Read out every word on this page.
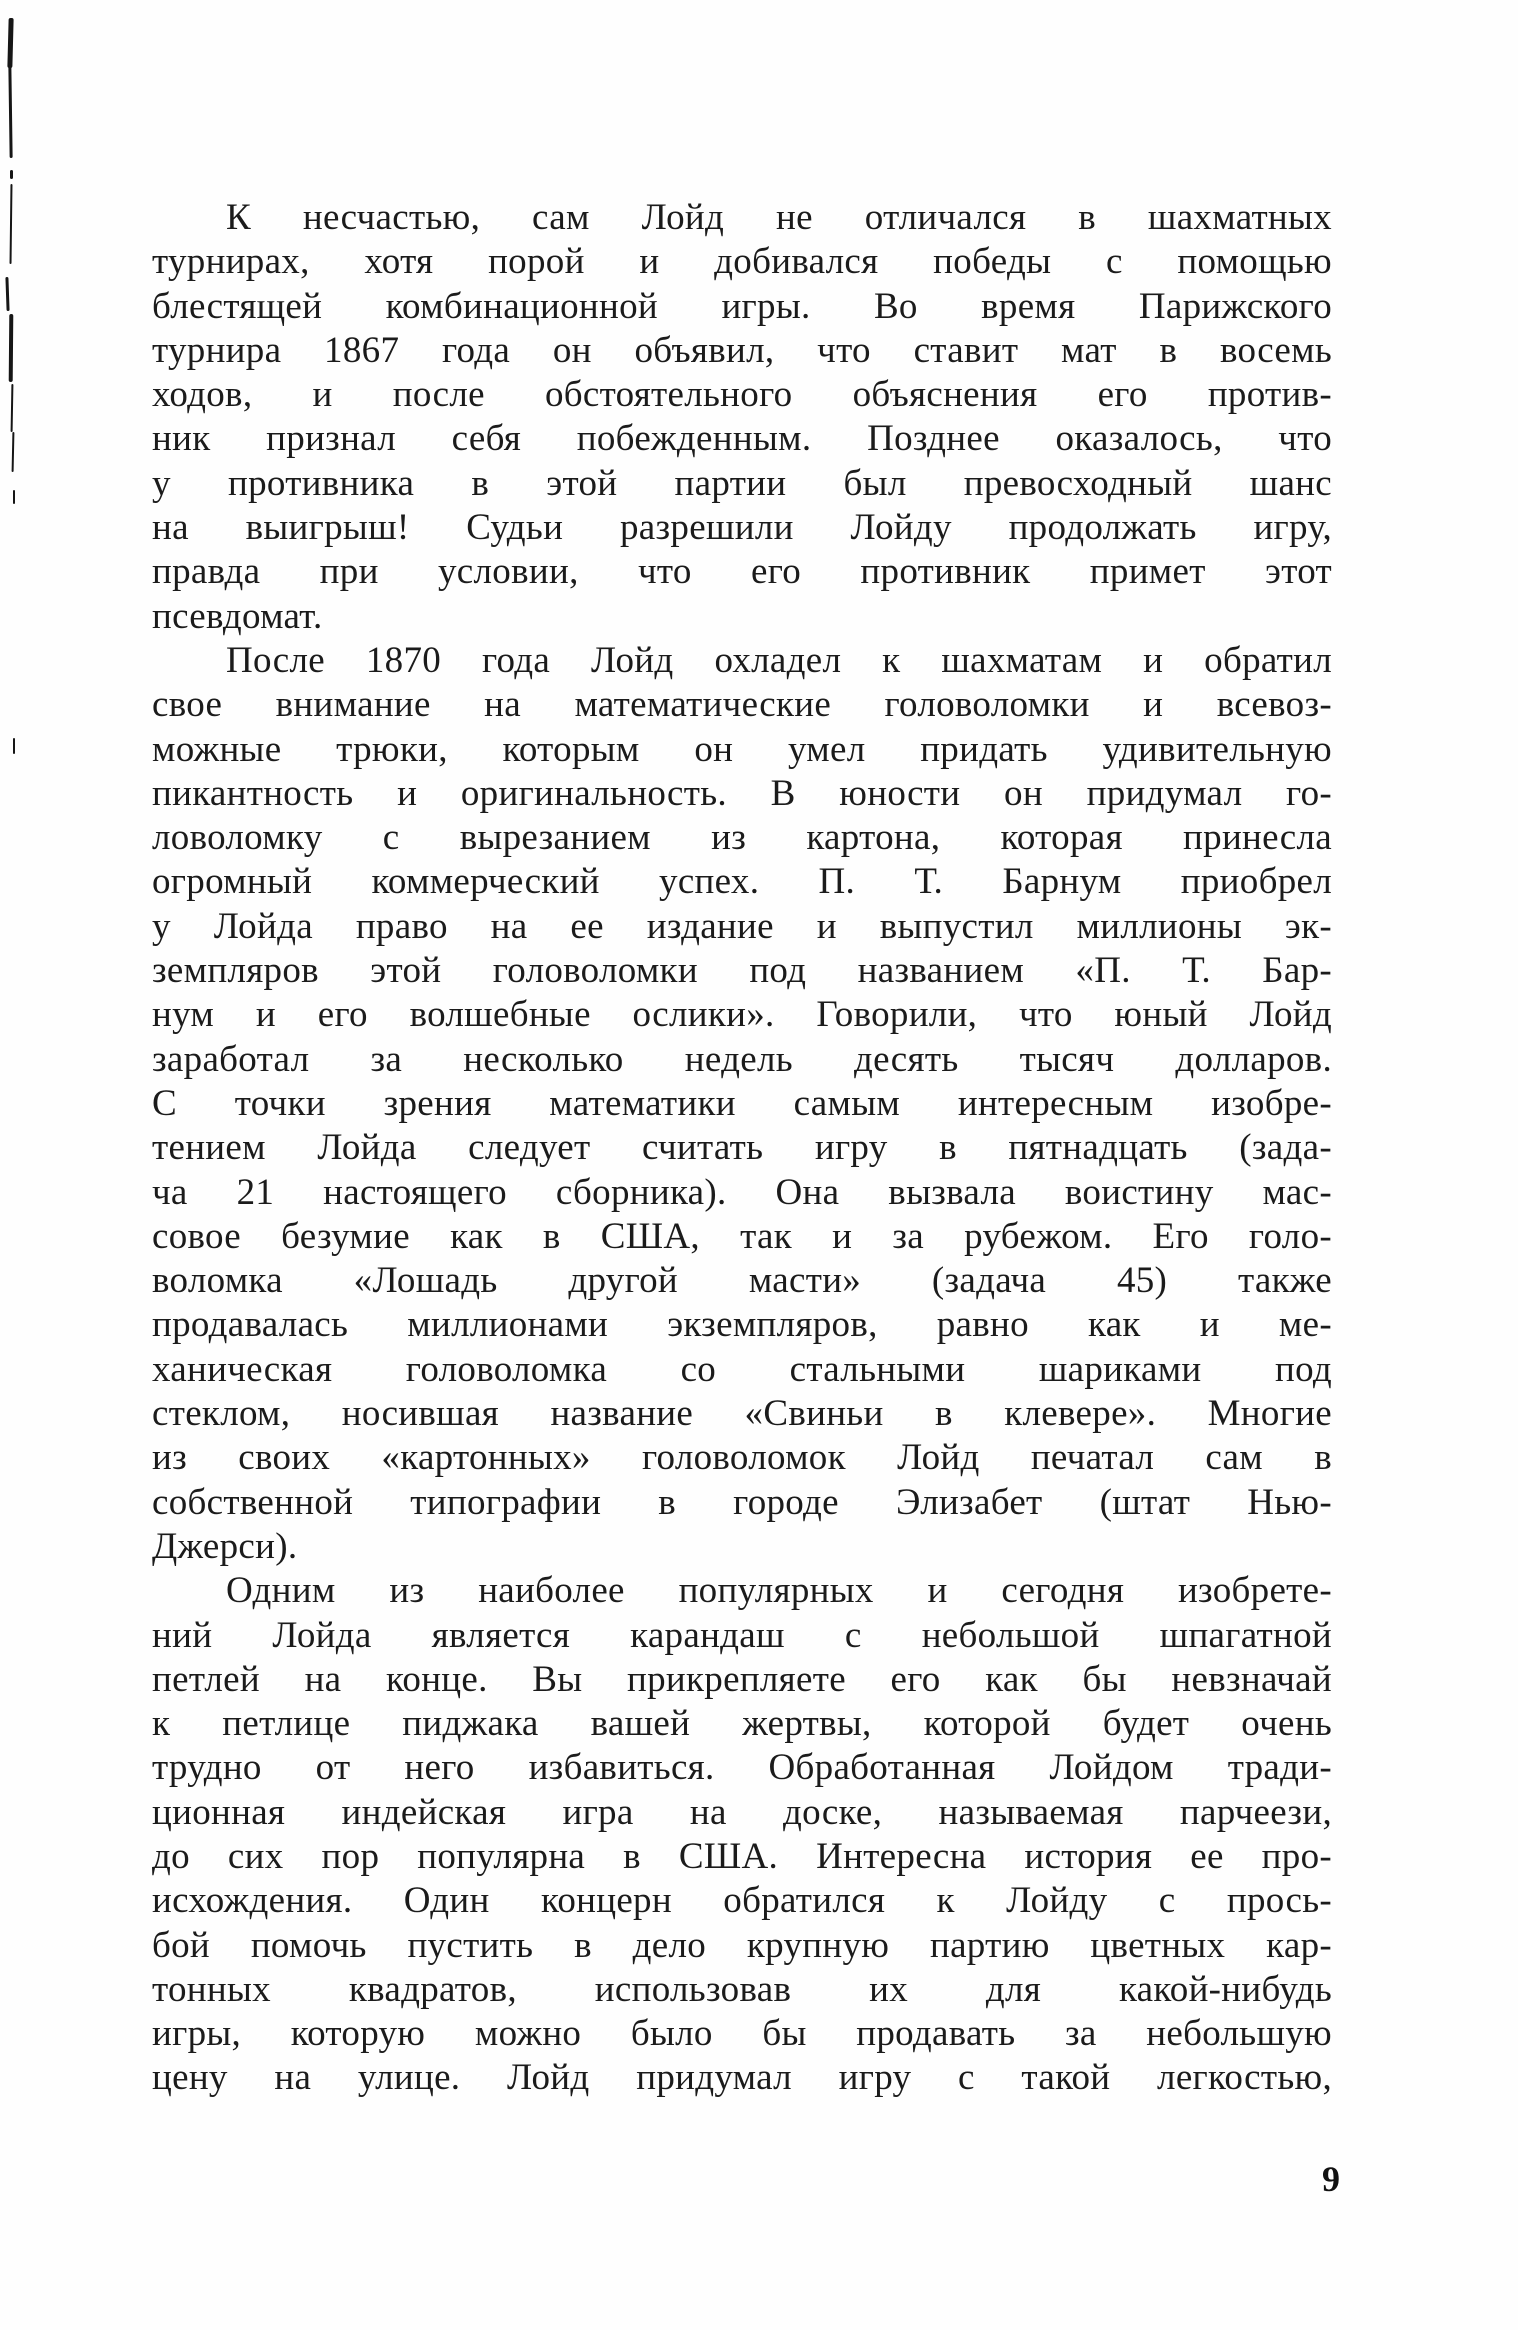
К несчастью, сам Лойд не отличался в шахматных
турнирах, хотя порой и добивался победы с помощью
блестящей комбинационной игры. Во время Парижского
турнира 1867 года он объявил, что ставит мат в восемь
ходов, и после обстоятельного объяснения его против-
ник признал себя побежденным. Позднее оказалось, что
у противника в этой партии был превосходный шанс
на выигрыш! Судьи разрешили Лойду продолжать игру,
правда при условии, что его противник примет этот
псевдомат.
После 1870 года Лойд охладел к шахматам и обратил
свое внимание на математические головоломки и всевоз-
можные трюки, которым он умел придать удивительную
пикантность и оригинальность. В юности он придумал го-
ловоломку с вырезанием из картона, которая принесла
огромный коммерческий успех. П. Т. Барнум приобрел
у Лойда право на ее издание и выпустил миллионы эк-
земпляров этой головоломки под названием «П. Т. Бар-
нум и его волшебные ослики». Говорили, что юный Лойд
заработал за несколько недель десять тысяч долларов.
С точки зрения математики самым интересным изобре-
тением Лойда следует считать игру в пятнадцать (зада-
ча 21 настоящего сборника). Она вызвала воистину мас-
совое безумие как в США, так и за рубежом. Его голо-
воломка «Лошадь другой масти» (задача 45) также
продавалась миллионами экземпляров, равно как и ме-
ханическая головоломка со стальными шариками под
стеклом, носившая название «Свиньи в клевере». Многие
из своих «картонных» головоломок Лойд печатал сам в
собственной типографии в городе Элизабет (штат Нью-
Джерси).
Одним из наиболее популярных и сегодня изобрете-
ний Лойда является карандаш с небольшой шпагатной
петлей на конце. Вы прикрепляете его как бы невзначай
к петлице пиджака вашей жертвы, которой будет очень
трудно от него избавиться. Обработанная Лойдом тради-
ционная индейская игра на доске, называемая парчеези,
до сих пор популярна в США. Интересна история ее про-
исхождения. Один концерн обратился к Лойду с прось-
бой помочь пустить в дело крупную партию цветных кар-
тонных квадратов, использовав их для какой-нибудь
игры, которую можно было бы продавать за небольшую
цену на улице. Лойд придумал игру с такой легкостью,
9
